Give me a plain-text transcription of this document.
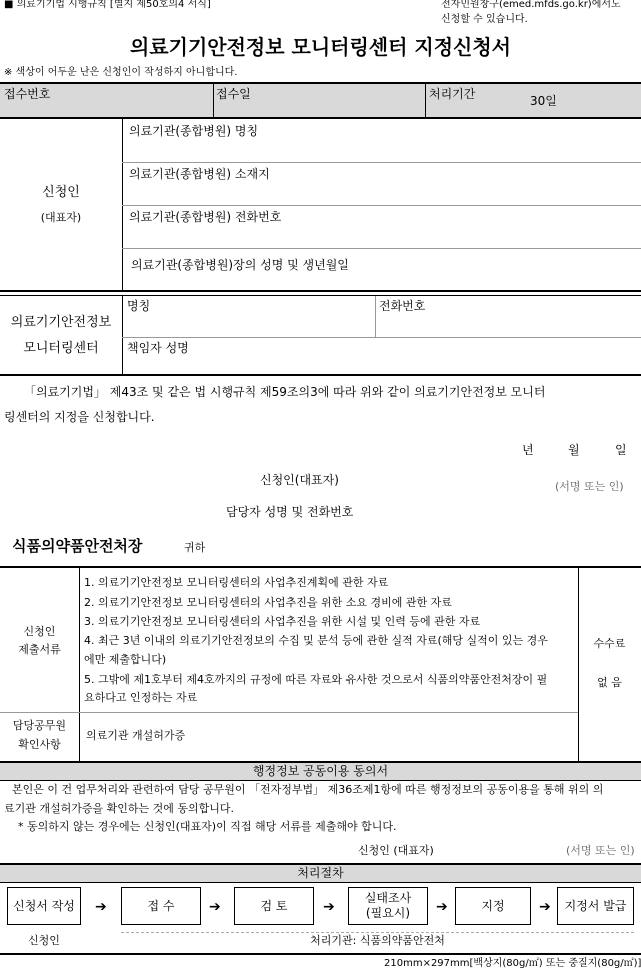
■ 의료기기법 시행규칙 [별지 제50호의4 서식]	전자민원창구(emed.mfds.go.kr)에서도
신청할 수 있습니다.
의료기기안전정보 모니터링센터 지정신청서
※ 색상이 어두운 난은 신청인이 작성하지 아니합니다.
접수번호	접수일	처리기간	30일
신청인
(대표자)
의료기관(종합병원) 명칭
의료기관(종합병원) 소재지
의료기관(종합병원) 전화번호
의료기관(종합병원)장의 성명 및 생년월일
의료기기안전정보
모니터링센터
명칭	전화번호
책임자 성명
「의료기기법」 제43조 및 같은 법 시행규칙 제59조의3에 따라 위와 같이 의료기기안전정보 모니터
링센터의 지정을 신청합니다.
년	월	일
신청인(대표자)	(서명 또는 인)
담당자 성명 및 전화번호
식품의약품안전처장	귀하
신청인
제출서류
1. 의료기기안전정보 모니터링센터의 사업추진계획에 관한 자료
2. 의료기기안전정보 모니터링센터의 사업추진을 위한 소요 경비에 관한 자료
3. 의료기기안전정보 모니터링센터의 사업추진을 위한 시설 및 인력 등에 관한 자료
4. 최근 3년 이내의 의료기기안전정보의 수집 및 분석 등에 관한 실적 자료(해당 실적이 있는 경우
에만 제출합니다)
5. 그밖에 제1호부터 제4호까지의 규정에 따른 자료와 유사한 것으로서 식품의약품안전처장이 필
요하다고 인정하는 자료
수수료
없 음
담당공무원
확인사항
의료기관 개설허가증
행정정보 공동이용 동의서
본인은 이 건 업무처리와 관련하여 담당 공무원이 「전자정부법」 제36조제1항에 따른 행정정보의 공동이용을 통해 위의 의
료기관 개설허가증을 확인하는 것에 동의합니다.
* 동의하지 않는 경우에는 신청인(대표자)이 직접 해당 서류를 제출해야 합니다.
신청인 (대표자)	(서명 또는 인)
처리절차
신청서 작성	➔	접 수	➔	검 토	➔
실태조사
(필요시) ➔	지정	➔	지정서 발급
신청인	처리기관: 식품의약품안전처
210mm×297mm[백상지(80g/㎡) 또는 중질지(80g/㎡)]
